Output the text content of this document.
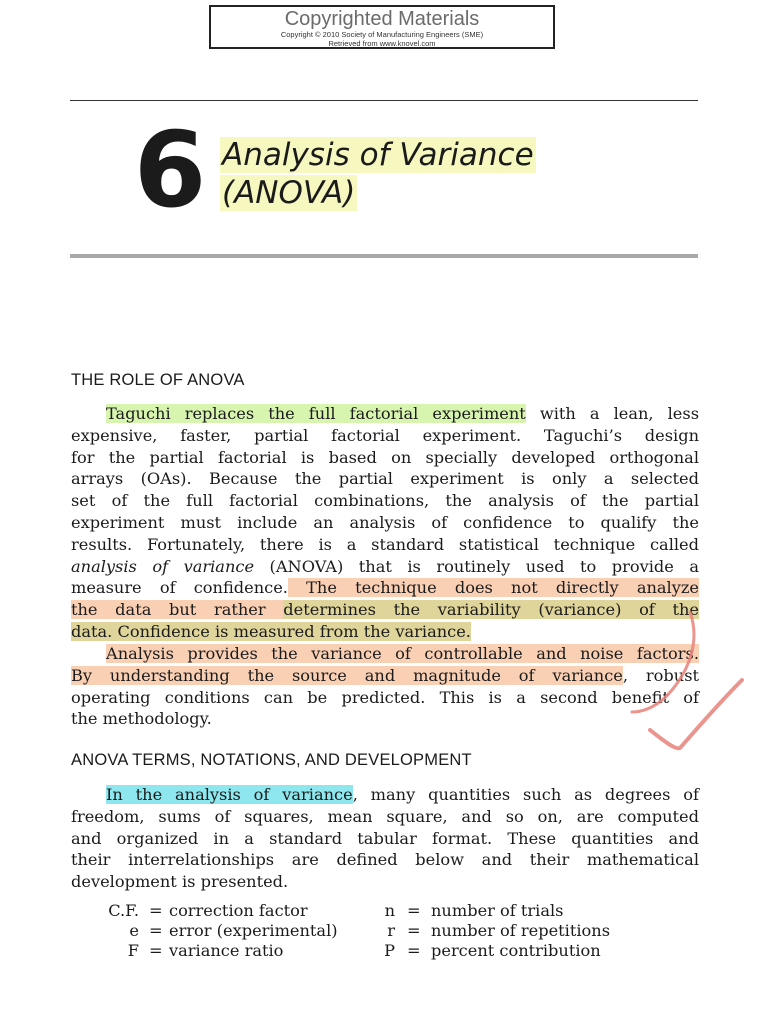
Copyrighted Materials
Copyright © 2010 Society of Manufacturing Engineers (SME)
Retrieved from www.knovel.com
6 Analysis of Variance
(ANOVA)
THE ROLE OF ANOVA
Taguchi replaces the full factorial experiment with a lean, less
expensive, faster, partial factorial experiment. Taguchi’s design
for the partial factorial is based on specially developed orthogonal
arrays (OAs). Because the partial experiment is only a selected
set of the full factorial combinations, the analysis of the partial
experiment must include an analysis of confidence to qualify the
results. Fortunately, there is a standard statistical technique called
analysis of variance (ANOVA) that is routinely used to provide a
measure of confidence. The technique does not directly analyze
the data but rather determines the variability (variance) of the
data. Confidence is measured from the variance.
Analysis provides the variance of controllable and noise factors.
By understanding the source and magnitude of variance, robust
operating conditions can be predicted. This is a second benefit of
the methodology.
ANOVA TERMS, NOTATIONS, AND DEVELOPMENT
In the analysis of variance, many quantities such as degrees of
freedom, sums of squares, mean square, and so on, are computed
and organized in a standard tabular format. These quantities and
their interrelationships are defined below and their mathematical
development is presented.
C.F. = correction factor	n = number of trials
e = error (experimental)	r = number of repetitions
F = variance ratio	P = percent contribution
